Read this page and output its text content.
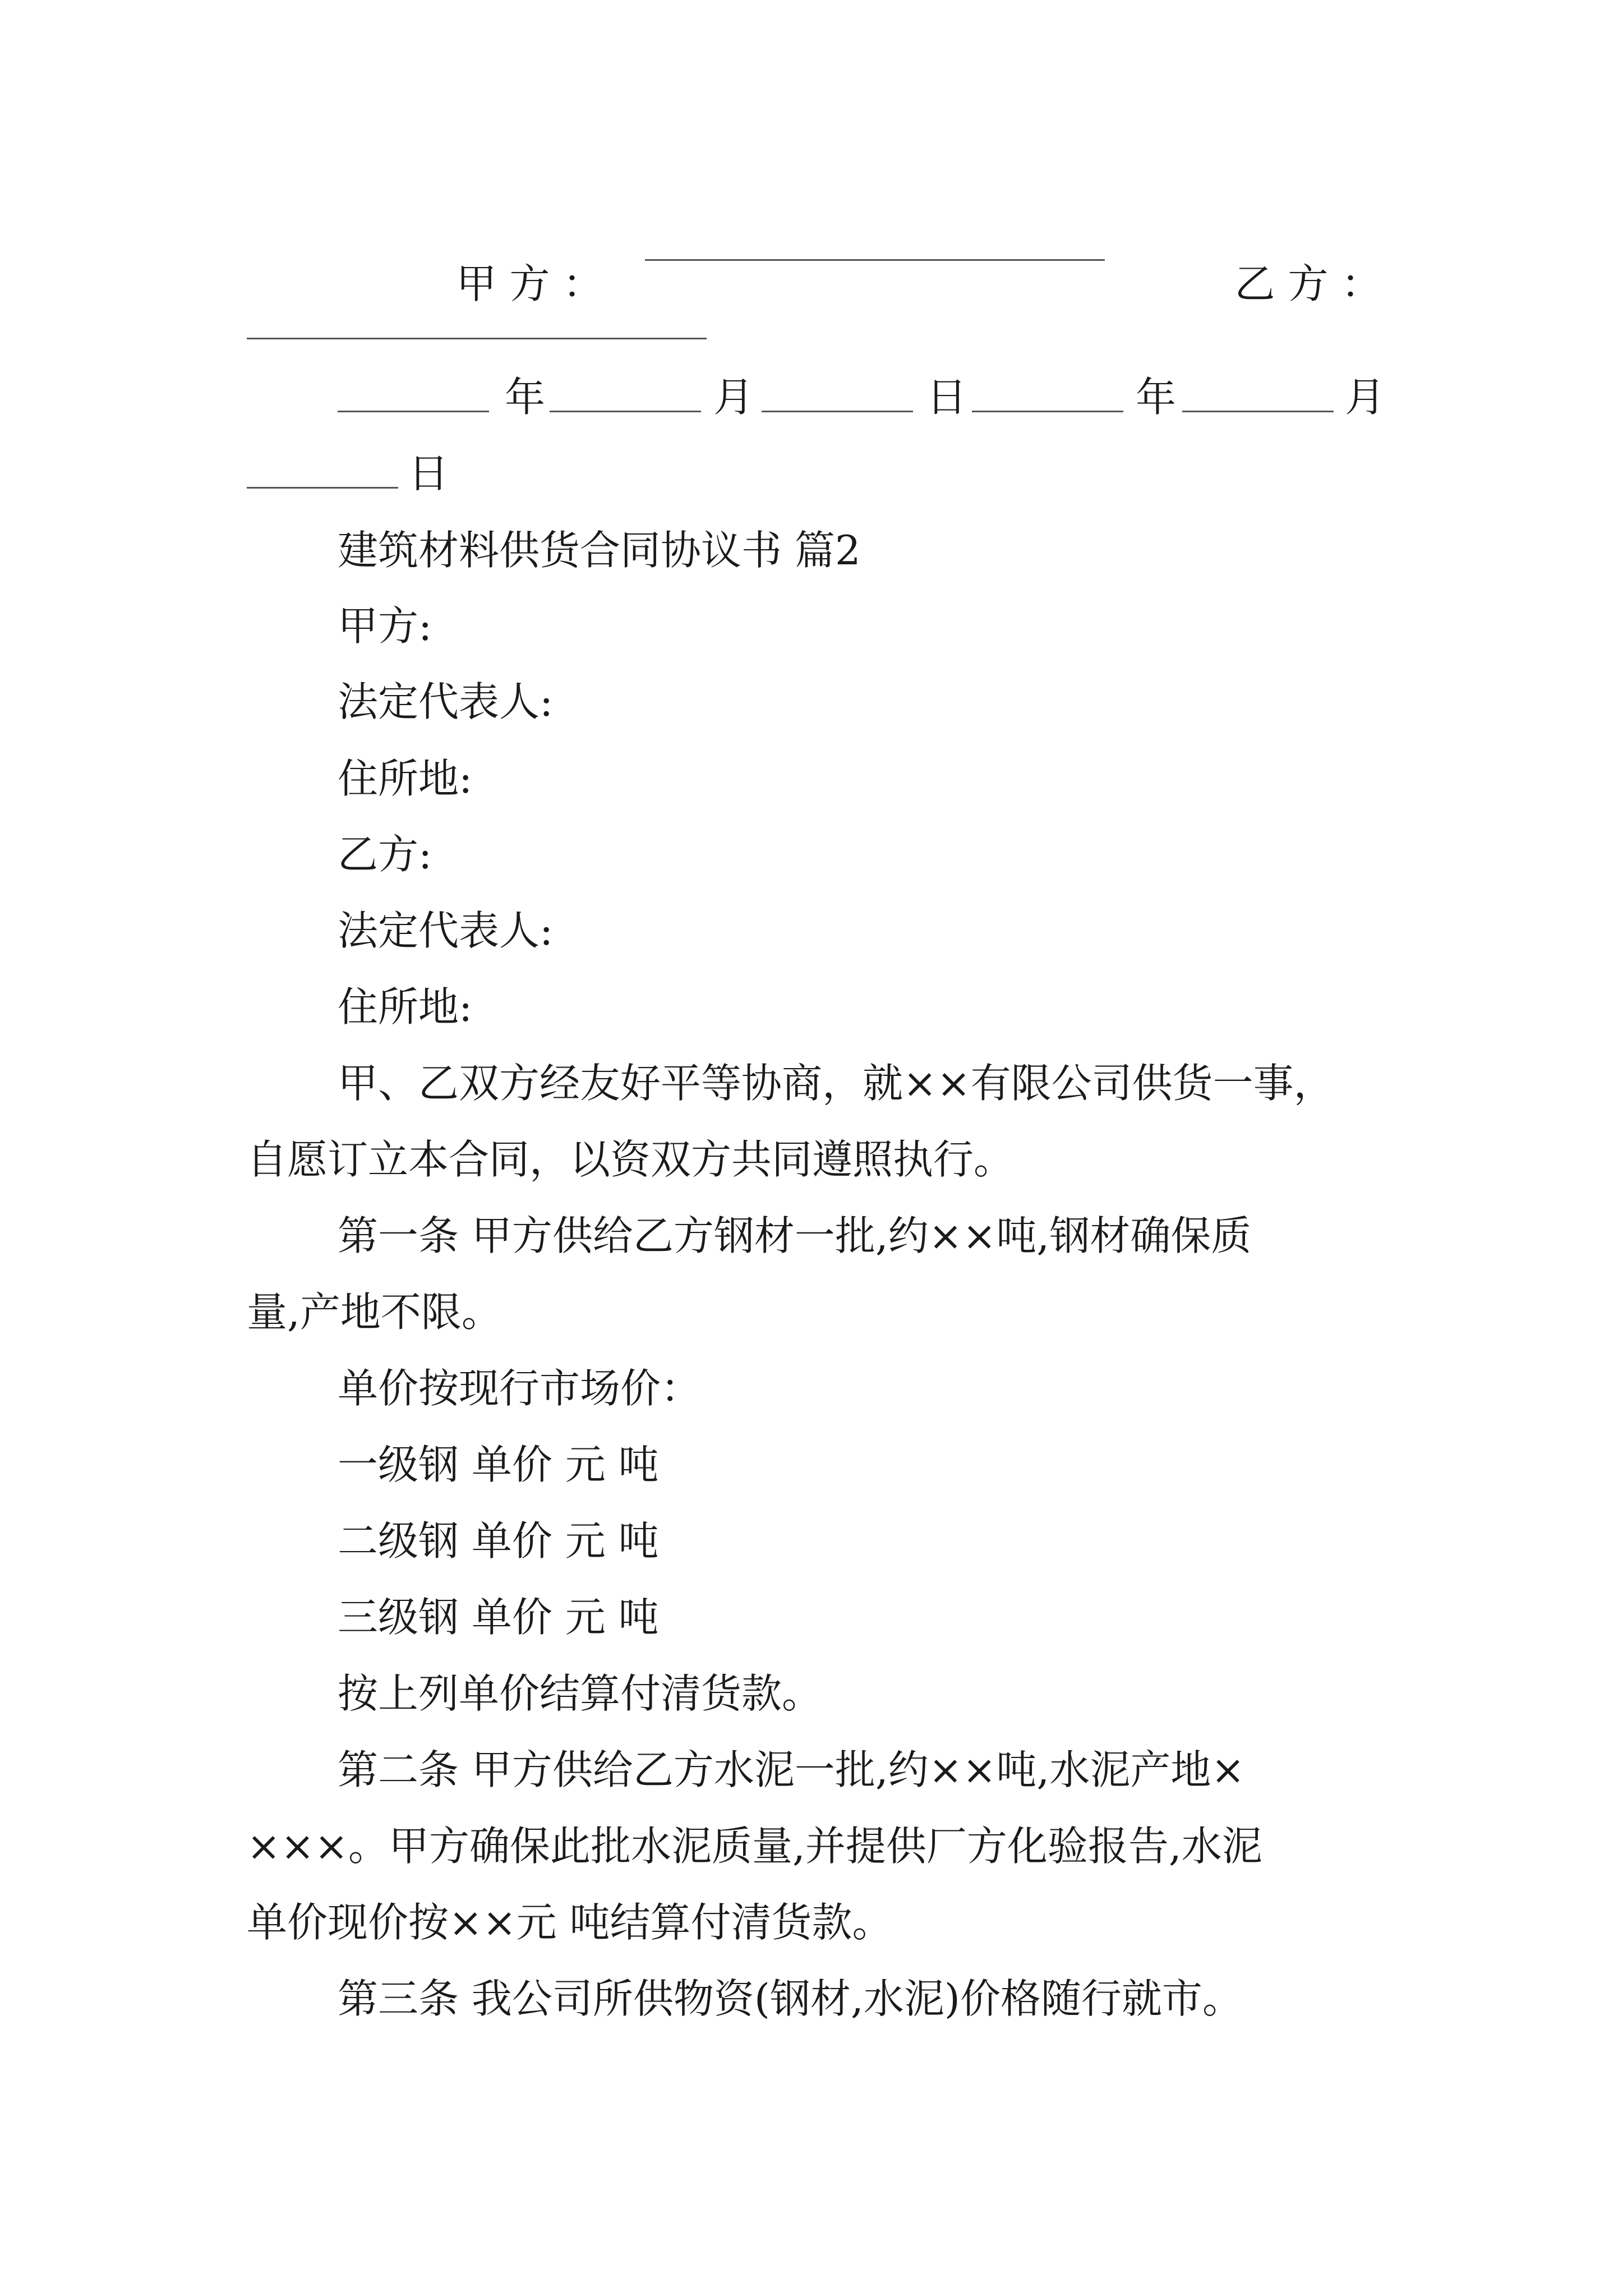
甲 方 ：
	乙 方 ：

年	月	日	年	月
日
建筑材料供货合同协议书 篇2
甲方:
法定代表人:
住所地:
乙方:
法定代表人:
住所地:
甲、乙双方经友好平等协商，就××有限公司供货一事，
自愿订立本合同，以资双方共同遵照执行。
第一条 甲方供给乙方钢材一批,约××吨,钢材确保质
量,产地不限。
单价按现行市场价：
一级钢 单价 元 吨
二级钢 单价 元 吨
三级钢 单价 元 吨
按上列单价结算付清货款。
第二条 甲方供给乙方水泥一批,约××吨,水泥产地×
×××。甲方确保此批水泥质量,并提供厂方化验报告,水泥
单价现价按××元 吨结算付清货款。
第三条 我公司所供物资(钢材,水泥)价格随行就市。
